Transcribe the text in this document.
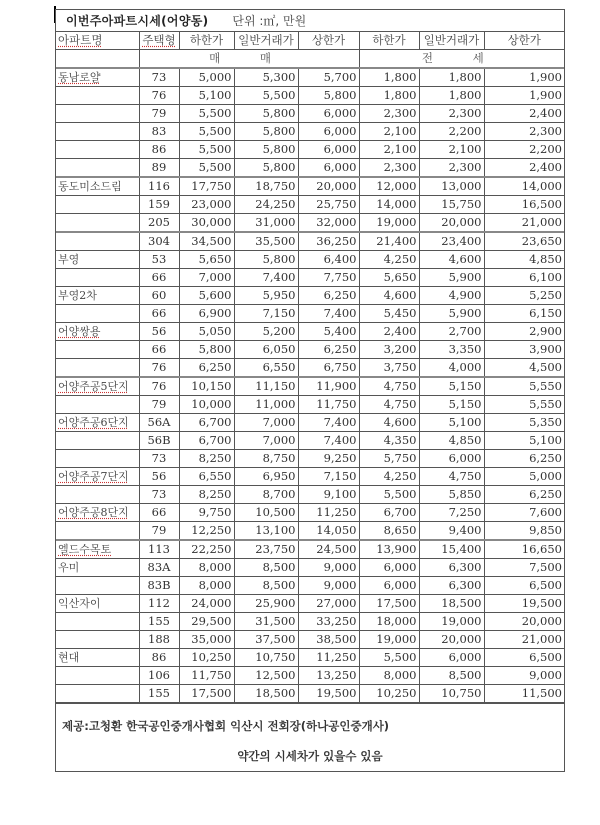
이번주아파트시세(어양동) 단위 :㎡, 만원
아파트명	주택형	하한가	일반거래가	상한가	하한가	일반거래가	상한가
	매 매				전 세		
동남로얄	73	5,000	5,300	5,700	1,800	1,800	1,900
	76	5,100	5,500	5,800	1,800	1,800	1,900
	79	5,500	5,800	6,000	2,300	2,300	2,400
	83	5,500	5,800	6,000	2,100	2,200	2,300
	86	5,500	5,800	6,000	2,100	2,100	2,200
	89	5,500	5,800	6,000	2,300	2,300	2,400
동도미소드림	116	17,750	18,750	20,000	12,000	13,000	14,000
	159	23,000	24,250	25,750	14,000	15,750	16,500
	205	30,000	31,000	32,000	19,000	20,000	21,000
	304	34,500	35,500	36,250	21,400	23,400	23,650
부영	53	5,650	5,800	6,400	4,250	4,600	4,850
	66	7,000	7,400	7,750	5,650	5,900	6,100
부영2차	60	5,600	5,950	6,250	4,600	4,900	5,250
	66	6,900	7,150	7,400	5,450	5,900	6,150
어양쌍용	56	5,050	5,200	5,400	2,400	2,700	2,900
	66	5,800	6,050	6,250	3,200	3,350	3,900
	76	6,250	6,550	6,750	3,750	4,000	4,500
어양주공5단지	76	10,150	11,150	11,900	4,750	5,150	5,550
	79	10,000	11,000	11,750	4,750	5,150	5,550
어양주공6단지	56A	6,700	7,000	7,400	4,600	5,100	5,350
	56B	6,700	7,000	7,400	4,350	4,850	5,100
	73	8,250	8,750	9,250	5,750	6,000	6,250
어양주공7단지	56	6,550	6,950	7,150	4,250	4,750	5,000
	73	8,250	8,700	9,100	5,500	5,850	6,250
어양주공8단지	66	9,750	10,500	11,250	6,700	7,250	7,600
	79	12,250	13,100	14,050	8,650	9,400	9,850
엘드수목토	113	22,250	23,750	24,500	13,900	15,400	16,650
우미	83A	8,000	8,500	9,000	6,000	6,300	7,500
	83B	8,000	8,500	9,000	6,000	6,300	6,500
익산자이	112	24,000	25,900	27,000	17,500	18,500	19,500
	155	29,500	31,500	33,250	18,000	19,000	20,000
	188	35,000	37,500	38,500	19,000	20,000	21,000
현대	86	10,250	10,750	11,250	5,500	6,000	6,500
	106	11,750	12,500	13,250	8,000	8,500	9,000
	155	17,500	18,500	19,500	10,250	10,750	11,500
제공:고청환 한국공인중개사협회 익산시 전회장(하나공인중개사)
약간의 시세차가 있을수 있음
